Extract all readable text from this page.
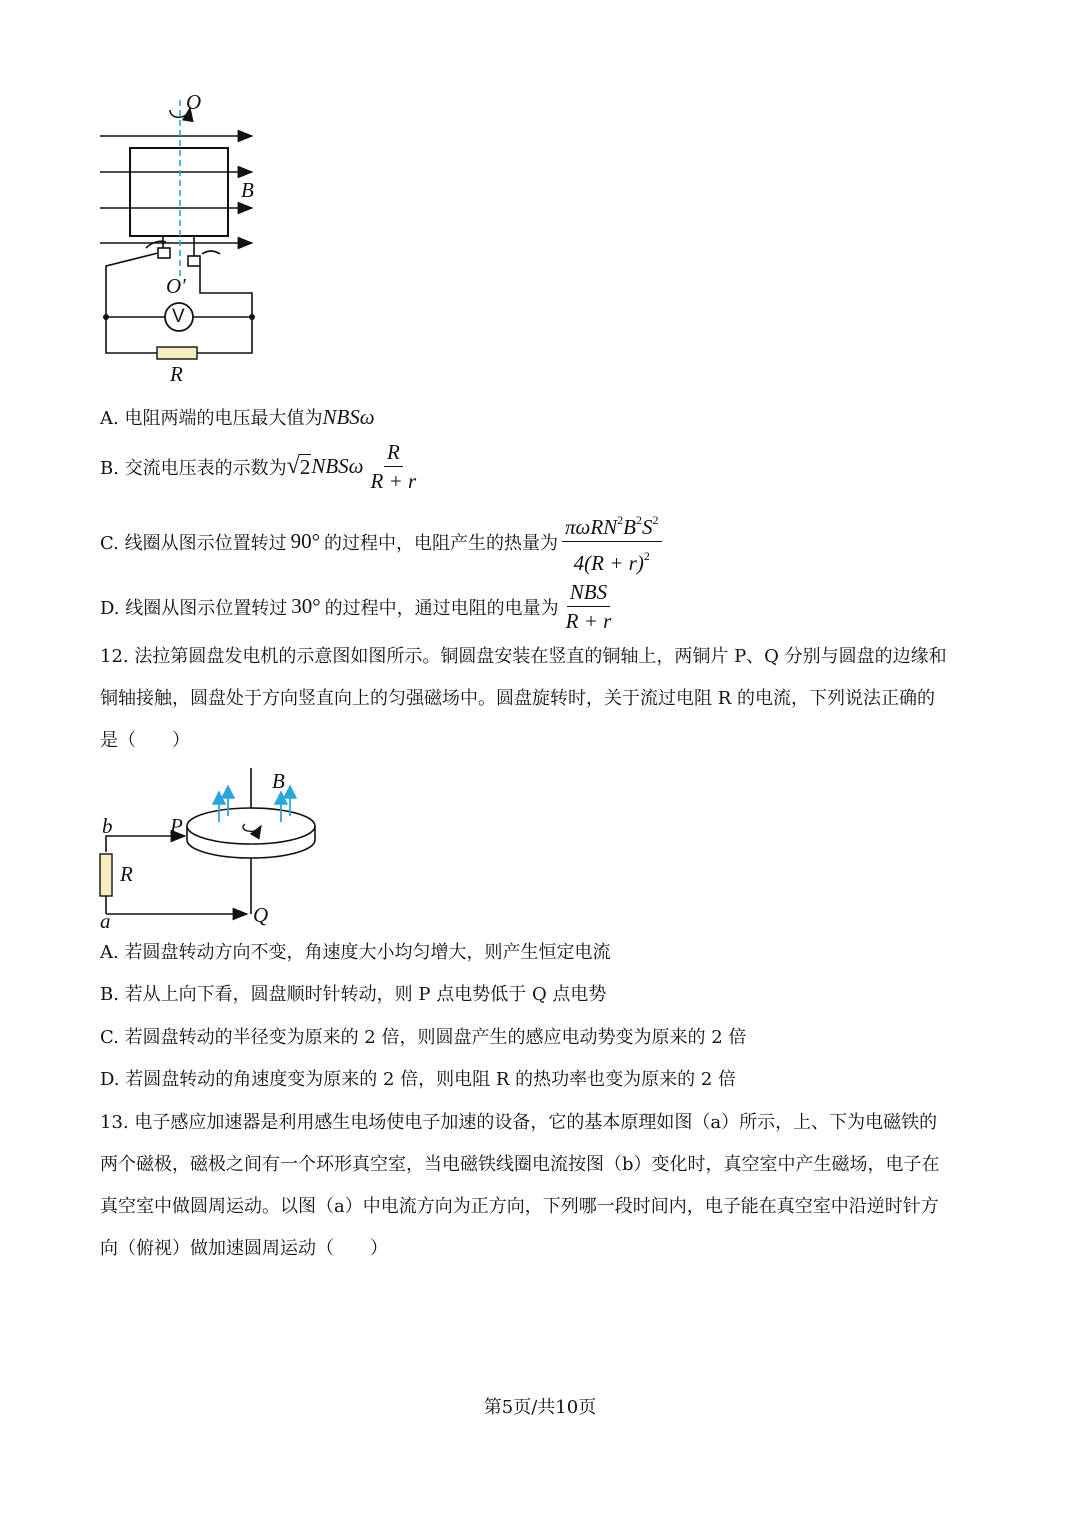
O
B
O′
V
R
A. 电阻两端的电压最大值为 NBSω
B. 交流电压表的示数为 √ 2 NBSω $\frac{R}{R + r}$
C. 线圈从图示位置转过 90° 的过程中，电阻产生的热量为 $\frac{\pi\omega RN^2B^2S^2}{4(R + r)^2}$
D. 线圈从图示位置转过 30° 的过程中，通过电阻的电量为 $\frac{\text{NBS}}{R + r}$
12. 法拉第圆盘发电机的示意图如图所示。铜圆盘安装在竖直的铜轴上，两铜片 P、Q 分别与圆盘的边缘和
铜轴接触，圆盘处于方向竖直向上的匀强磁场中。圆盘旋转时，关于流过电阻 R 的电流，下列说法正确的
是（　　）
B
b	P
R
Q
a
A. 若圆盘转动方向不变，角速度大小均匀增大，则产生恒定电流
B. 若从上向下看，圆盘顺时针转动，则 P 点电势低于 Q 点电势
C. 若圆盘转动的半径变为原来的 2 倍，则圆盘产生的感应电动势变为原来的 2 倍
D. 若圆盘转动的角速度变为原来的 2 倍，则电阻 R 的热功率也变为原来的 2 倍
13. 电子感应加速器是利用感生电场使电子加速的设备，它的基本原理如图（a）所示，上、下为电磁铁的
两个磁极，磁极之间有一个环形真空室，当电磁铁线圈电流按图（b）变化时，真空室中产生磁场，电子在
真空室中做圆周运动。以图（a）中电流方向为正方向，下列哪一段时间内，电子能在真空室中沿逆时针方
向（俯视）做加速圆周运动（　　）
第5页/共10页
